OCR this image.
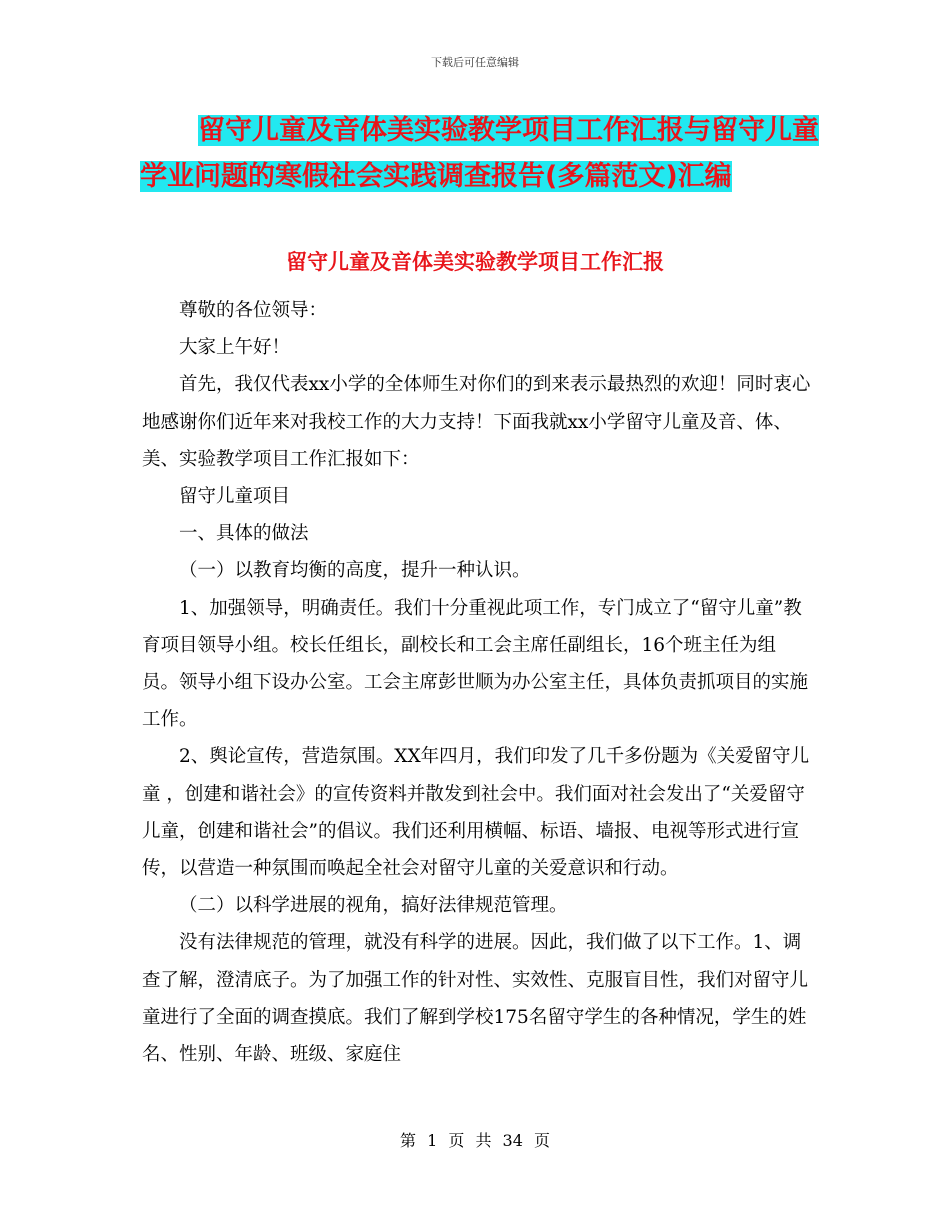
下载后可任意编辑
留守儿童及音体美实验教学项目工作汇报与留守儿童
学业问题的寒假社会实践调查报告(多篇范文)汇编
留守儿童及音体美实验教学项目工作汇报

尊敬的各位领导：

大家上午好！

首先，我仅代表xx小学的全体师生对你们的到来表示最热烈的欢迎！同时衷心地感谢你们近年来对我校工作的大力支持！下面我就xx小学留守儿童及音、体、美、实验教学项目工作汇报如下：

留守儿童项目

一、具体的做法

（一）以教育均衡的高度，提升一种认识。

1、加强领导，明确责任。我们十分重视此项工作，专门成立了“留守儿童”教育项目领导小组。校长任组长，副校长和工会主席任副组长，16个班主任为组员。领导小组下设办公室。工会主席彭世顺为办公室主任，具体负责抓项目的实施工作。

2、舆论宣传，营造氛围。XX年四月，我们印发了几千多份题为《关爱留守儿童 ，创建和谐社会》的宣传资料并散发到社会中。我们面对社会发出了“关爱留守儿童，创建和谐社会”的倡议。我们还利用横幅、标语、墙报、电视等形式进行宣传，以营造一种氛围而唤起全社会对留守儿童的关爱意识和行动。

（二）以科学进展的视角，搞好法律规范管理。

没有法律规范的管理，就没有科学的进展。因此，我们做了以下工作。1、调查了解，澄清底子。为了加强工作的针对性、实效性、克服盲目性，我们对留守儿童进行了全面的调查摸底。我们了解到学校175名留守学生的各种情况，学生的姓名、性别、年龄、班级、家庭住

第 1 页 共 34 页
